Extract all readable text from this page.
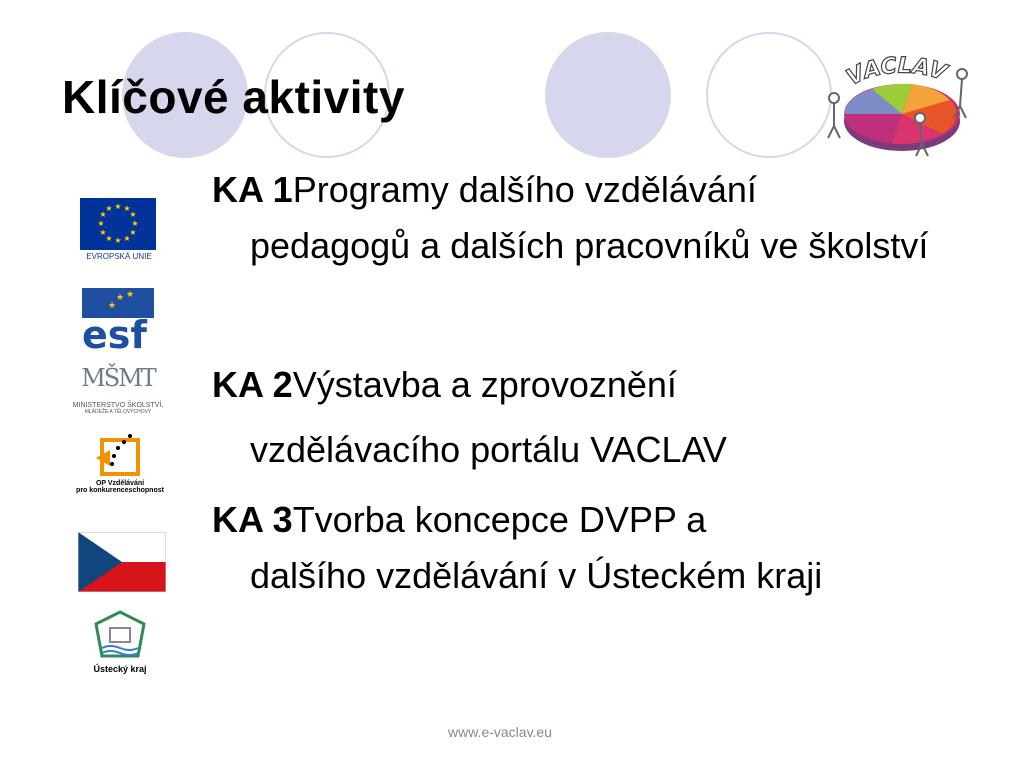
VACLAV
Klíčové aktivity
KA 1Programy dalšího vzdělávání
pedagogů a dalších pracovníků ve školství
KA 2Výstavba a zprovoznění
vzdělávacího portálu VACLAV
KA 3Tvorba koncepce DVPP a
dalšího vzdělávání v Ústeckém kraji
★ ★
★
★
★
★
★
★
★
★
★
★
EVROPSKÁ UNIE
★ ★
★
esf
MŠMT
MINISTERSTVO ŠKOLSTVÍ,
MLÁDEŽE A TĚLOVÝCHOVY
OP Vzdělávání
pro konkurenceschopnost
Ústecký kraj
www.e-vaclav.eu
